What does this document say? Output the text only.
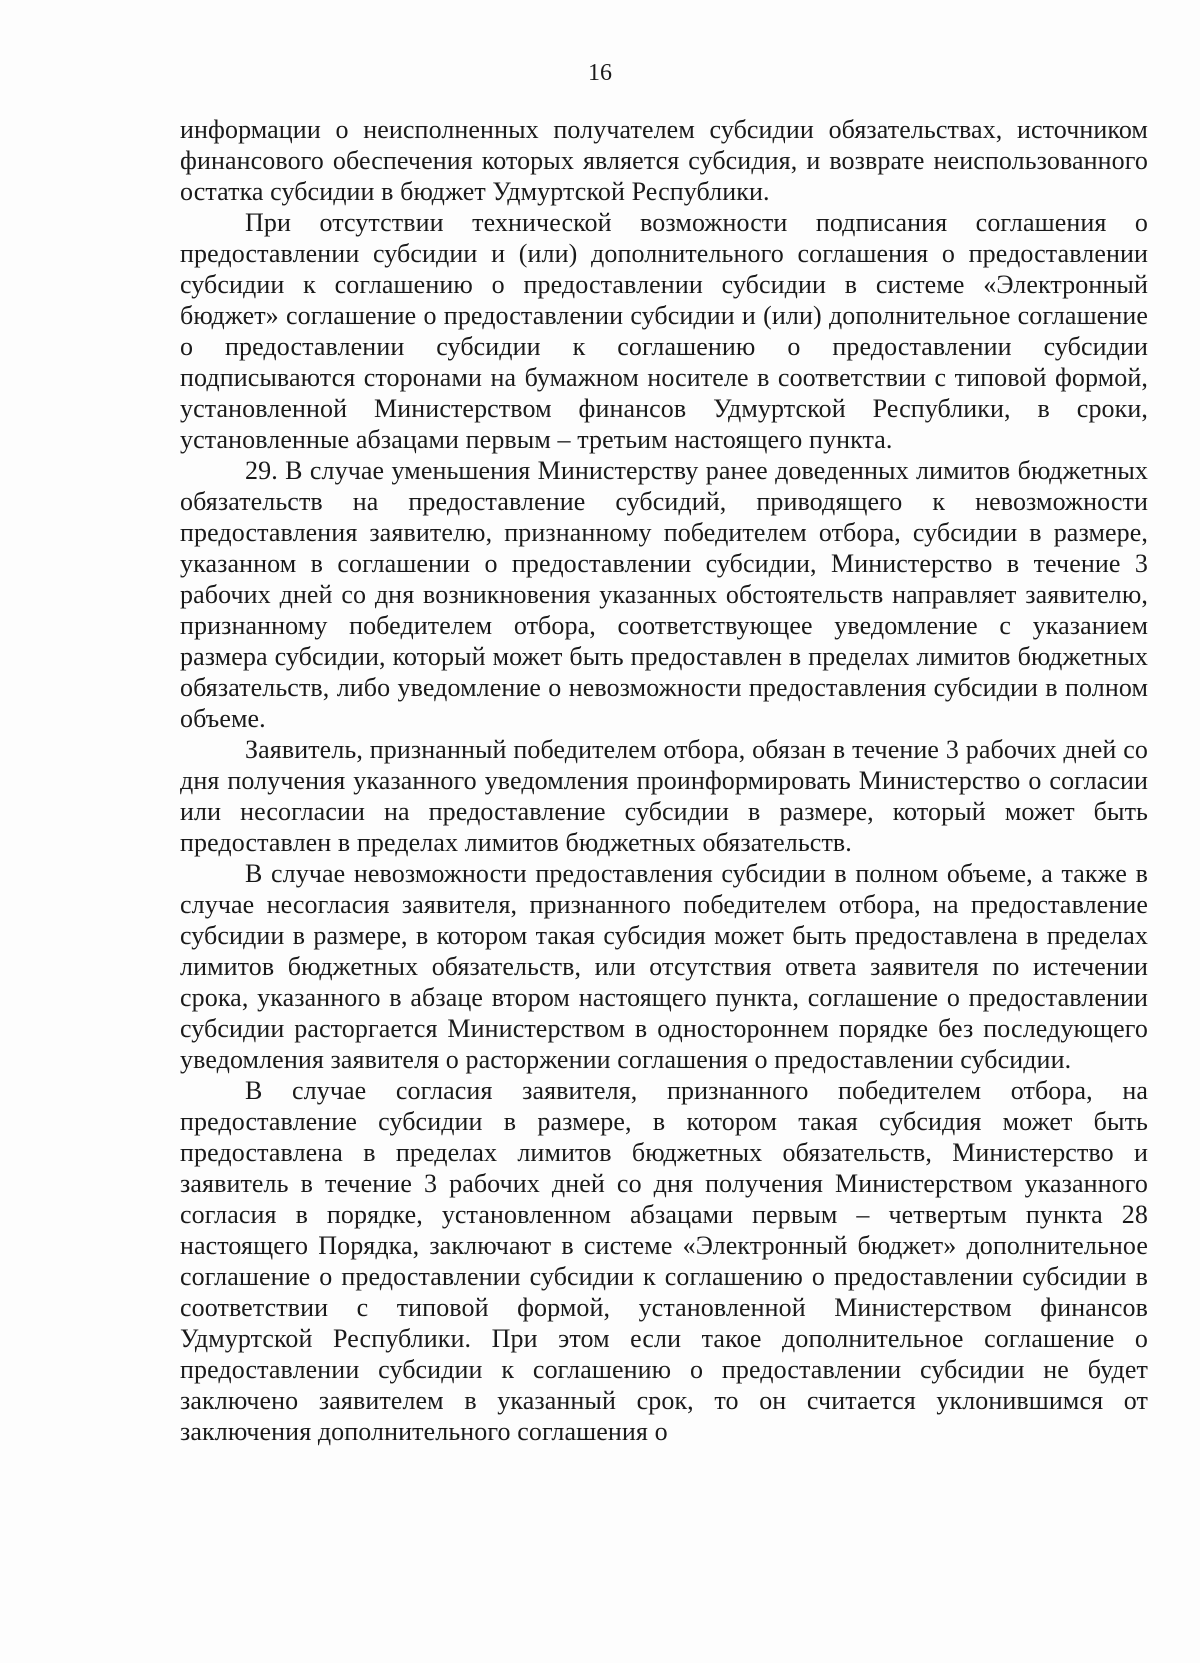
16

информации о неисполненных получателем субсидии обязательствах, источником финансового обеспечения которых является субсидия, и возврате неиспользованного остатка субсидии в бюджет Удмуртской Республики.

При отсутствии технической возможности подписания соглашения о предоставлении субсидии и (или) дополнительного соглашения о предоставлении субсидии к соглашению о предоставлении субсидии в системе «Электронный бюджет» соглашение о предоставлении субсидии и (или) дополнительное соглашение о предоставлении субсидии к соглашению о предоставлении субсидии подписываются сторонами на бумажном носителе в соответствии с типовой формой, установленной Министерством финансов Удмуртской Республики, в сроки, установленные абзацами первым – третьим настоящего пункта.

29. В случае уменьшения Министерству ранее доведенных лимитов бюджетных обязательств на предоставление субсидий, приводящего к невозможности предоставления заявителю, признанному победителем отбора, субсидии в размере, указанном в соглашении о предоставлении субсидии, Министерство в течение 3 рабочих дней со дня возникновения указанных обстоятельств направляет заявителю, признанному победителем отбора, соответствующее уведомление с указанием размера субсидии, который может быть предоставлен в пределах лимитов бюджетных обязательств, либо уведомление о невозможности предоставления субсидии в полном объеме.

Заявитель, признанный победителем отбора, обязан в течение 3 рабочих дней со дня получения указанного уведомления проинформировать Министерство о согласии или несогласии на предоставление субсидии в размере, который может быть предоставлен в пределах лимитов бюджетных обязательств.

В случае невозможности предоставления субсидии в полном объеме, а также в случае несогласия заявителя, признанного победителем отбора, на предоставление субсидии в размере, в котором такая субсидия может быть предоставлена в пределах лимитов бюджетных обязательств, или отсутствия ответа заявителя по истечении срока, указанного в абзаце втором настоящего пункта, соглашение о предоставлении субсидии расторгается Министерством в одностороннем порядке без последующего уведомления заявителя о расторжении соглашения о предоставлении субсидии.

В случае согласия заявителя, признанного победителем отбора, на предоставление субсидии в размере, в котором такая субсидия может быть предоставлена в пределах лимитов бюджетных обязательств, Министерство и заявитель в течение 3 рабочих дней со дня получения Министерством указанного согласия в порядке, установленном абзацами первым – четвертым пункта 28 настоящего Порядка, заключают в системе «Электронный бюджет» дополнительное соглашение о предоставлении субсидии к соглашению о предоставлении субсидии в соответствии с типовой формой, установленной Министерством финансов Удмуртской Республики. При этом если такое дополнительное соглашение о предоставлении субсидии к соглашению о предоставлении субсидии не будет заключено заявителем в указанный срок, то он считается уклонившимся от заключения дополнительного соглашения о
